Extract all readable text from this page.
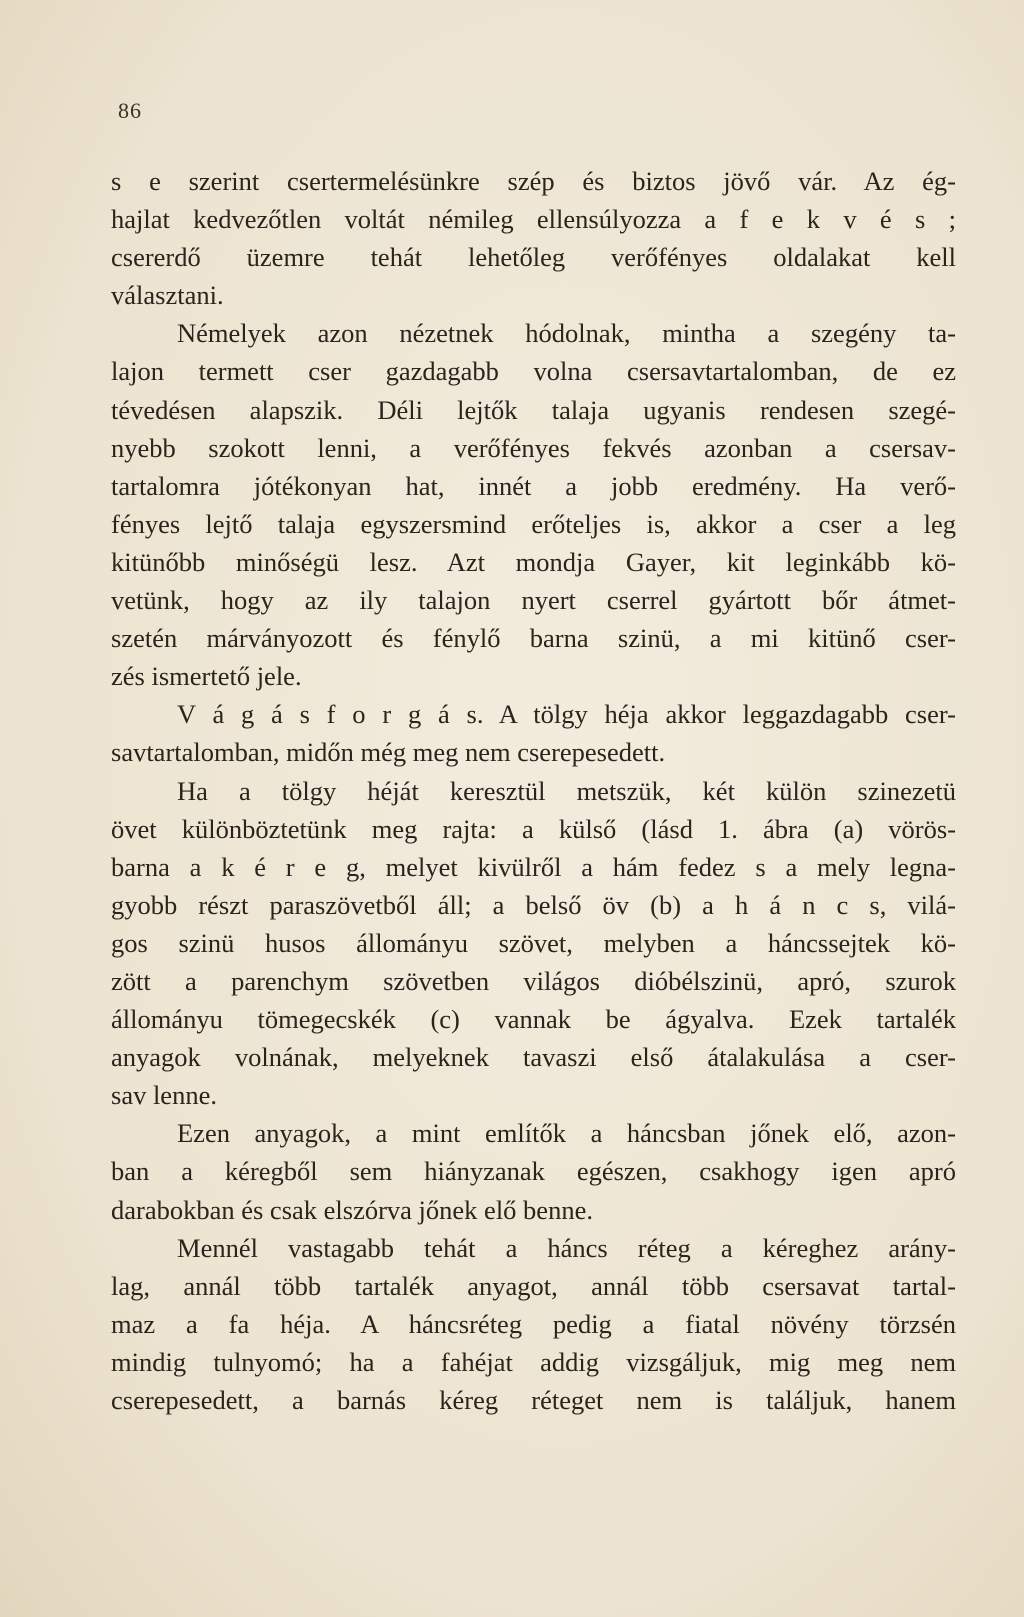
86
s e szerint csertermelésünkre szép és biztos jövő vár. Az ég-
hajlat kedvezőtlen voltát némileg ellensúlyozza a f e k v é s ;
csererdő üzemre tehát lehetőleg verőfényes oldalakat kell
választani.
Némelyek azon nézetnek hódolnak, mintha a szegény ta-
lajon termett cser gazdagabb volna csersavtartalomban, de ez
tévedésen alapszik. Déli lejtők talaja ugyanis rendesen szegé-
nyebb szokott lenni, a verőfényes fekvés azonban a csersav-
tartalomra jótékonyan hat, innét a jobb eredmény. Ha verő-
fényes lejtő talaja egyszersmind erőteljes is, akkor a cser a leg
kitünőbb minőségü lesz. Azt mondja Gayer, kit leginkább kö-
vetünk, hogy az ily talajon nyert cserrel gyártott bőr átmet-
szetén márványozott és fénylő barna szinü, a mi kitünő cser-
zés ismertető jele.
V á g á s f o r g á s. A tölgy héja akkor leggazdagabb cser-
savtartalomban, midőn még meg nem cserepesedett.
Ha a tölgy héját keresztül metszük, két külön szinezetü
övet különböztetünk meg rajta: a külső (lásd 1. ábra (a) vörös-
barna a k é r e g, melyet kivülről a hám fedez s a mely legna-
gyobb részt paraszövetből áll; a belső öv (b) a h á n c s, vilá-
gos szinü husos állományu szövet, melyben a háncssejtek kö-
zött a parenchym szövetben világos dióbélszinü, apró, szurok
állományu tömegecskék (c) vannak be ágyalva. Ezek tartalék
anyagok volnának, melyeknek tavaszi első átalakulása a cser-
sav lenne.
Ezen anyagok, a mint említők a háncsban jőnek elő, azon-
ban a kéregből sem hiányzanak egészen, csakhogy igen apró
darabokban és csak elszórva jőnek elő benne.
Mennél vastagabb tehát a háncs réteg a kéreghez arány-
lag, annál több tartalék anyagot, annál több csersavat tartal-
maz a fa héja. A háncsréteg pedig a fiatal növény törzsén
mindig tulnyomó; ha a fahéjat addig vizsgáljuk, mig meg nem
cserepesedett, a barnás kéreg réteget nem is találjuk, hanem
